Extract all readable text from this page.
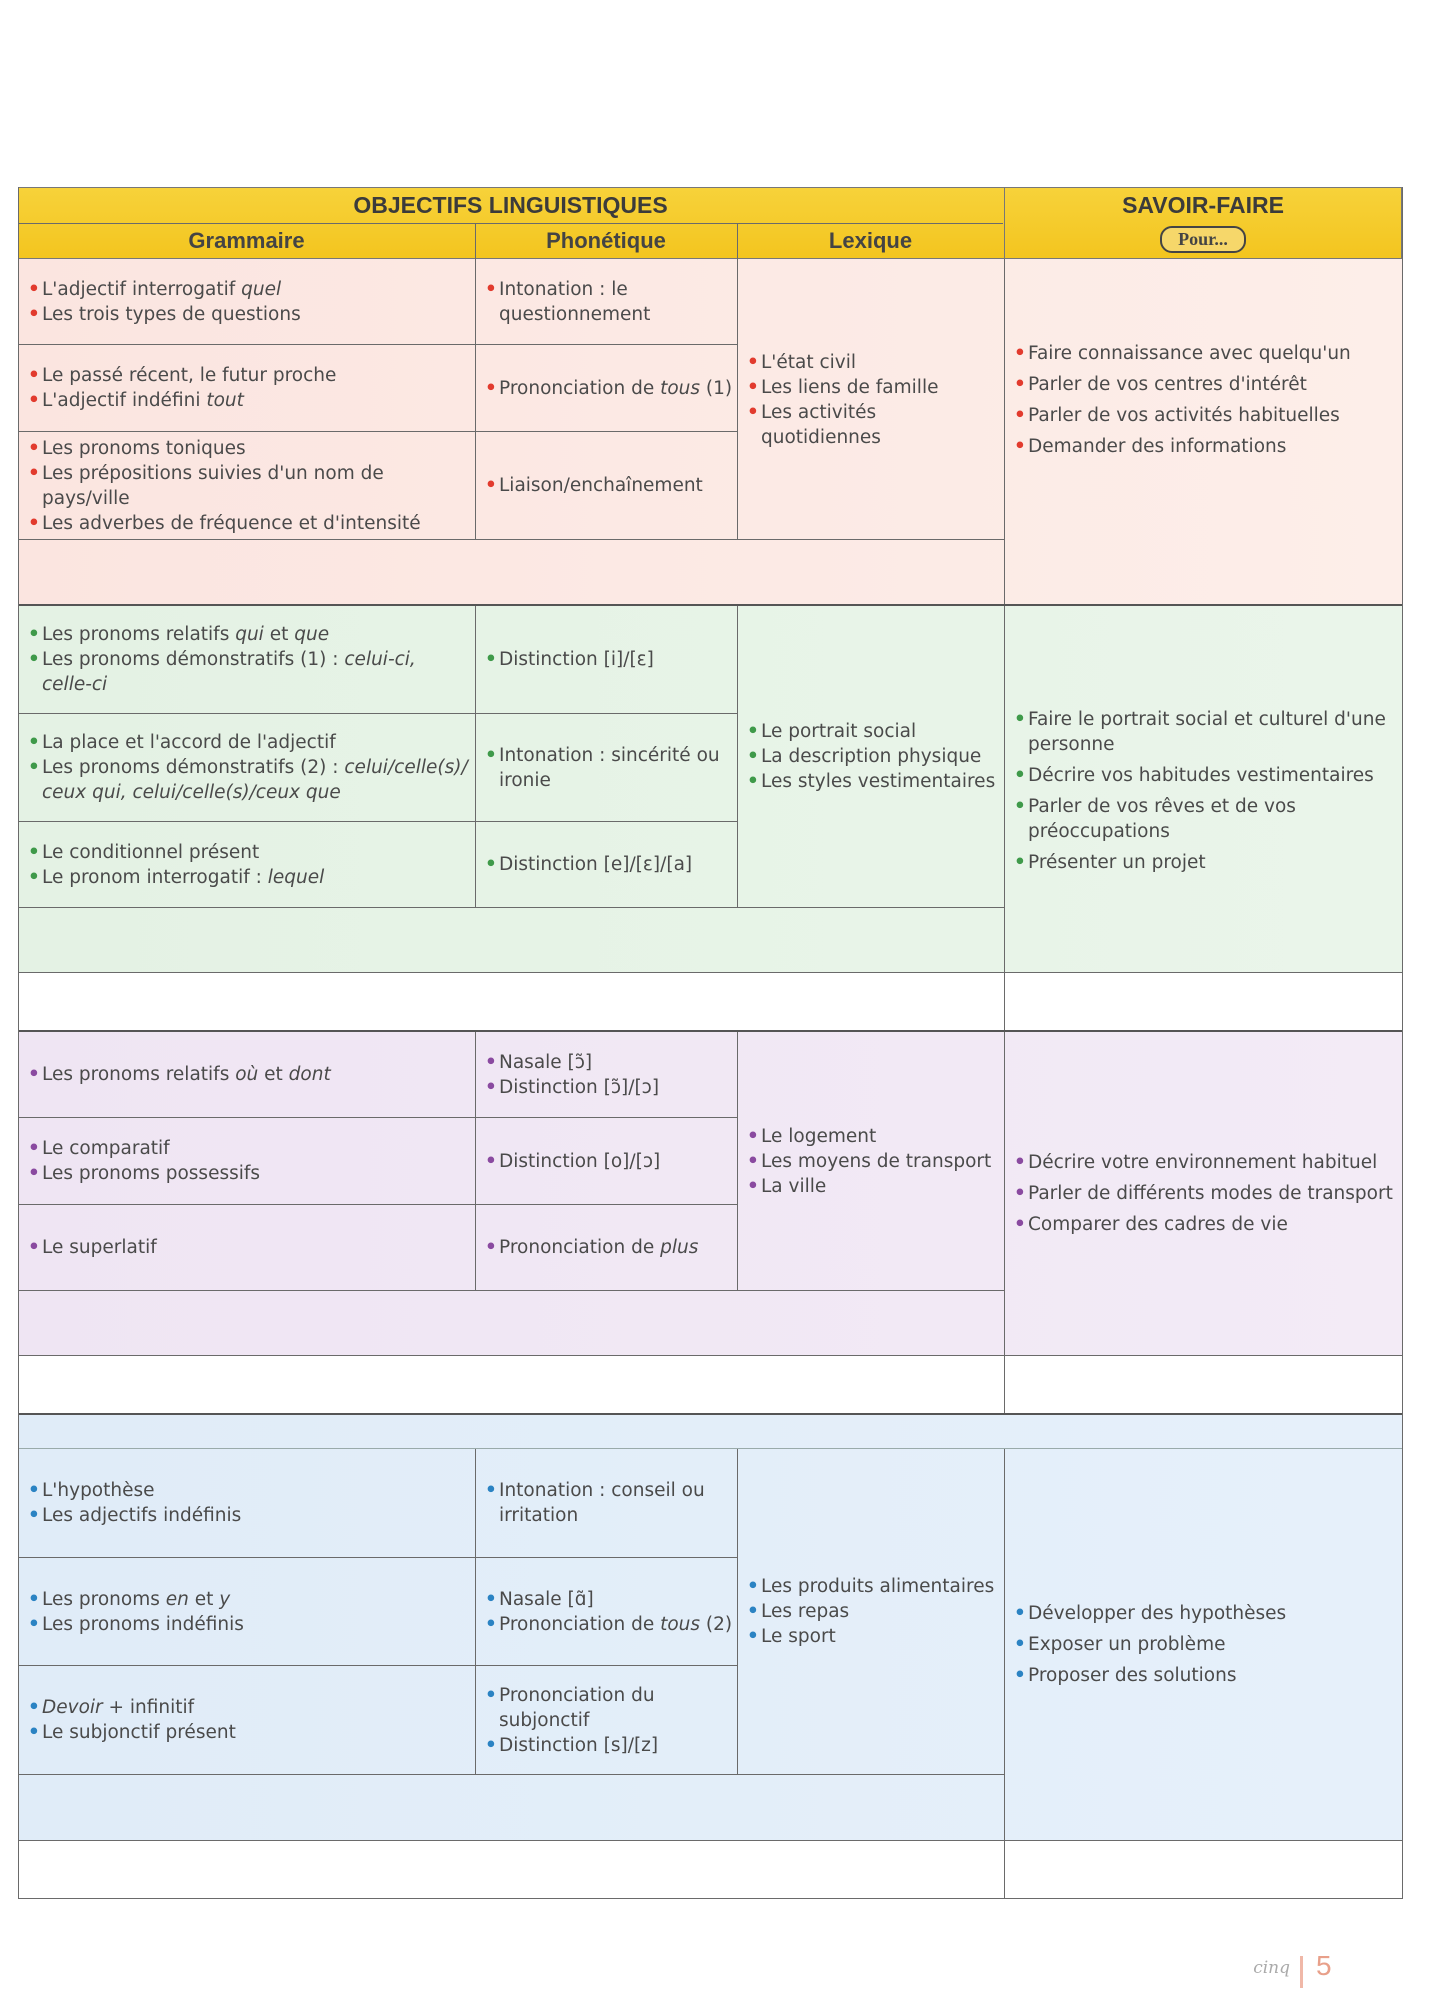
OBJECTIFS LINGUISTIQUES	SAVOIR-FAIRE
Grammaire	Phonétique	Lexique	Pour...
• L'adjectif interrogatif quel
• Les trois types de questions
• Intonation : le questionnement
• Le passé récent, le futur proche
• L'adjectif indéfini tout
• Prononciation de tous (1)
• Les pronoms toniques
• Les prépositions suivies d'un nom de pays/ville
• Les adverbes de fréquence et d'intensité
• Liaison/enchaînement
• L'état civil
• Les liens de famille
• Les activités quotidiennes
• Faire connaissance avec quelqu'un
• Parler de vos centres d'intérêt
• Parler de vos activités habituelles
• Demander des informations
• Les pronoms relatifs qui et que
• Les pronoms démonstratifs (1) : celui-ci, celle-ci
• Distinction [i]/[ε]
• La place et l'accord de l'adjectif
• Les pronoms démonstratifs (2) : celui/celle(s)/ ceux qui, celui/celle(s)/ceux que
• Intonation : sincérité ou ironie
• Le conditionnel présent
• Le pronom interrogatif : lequel
• Distinction [e]/[ε]/[a]
• Le portrait social
• La description physique
• Les styles vestimentaires
• Faire le portrait social et culturel d'une personne
• Décrire vos habitudes vestimentaires
• Parler de vos rêves et de vos préoccupations
• Présenter un projet
• Les pronoms relatifs où et dont
• Nasale [ɔ̃]
• Distinction [ɔ̃]/[ɔ]
• Le comparatif
• Les pronoms possessifs
• Distinction [o]/[ɔ]
• Le superlatif
•	Prononciation de plus
• Le logement
• Les moyens de transport
• La ville
• Décrire votre environnement habituel
• Parler de différents modes de transport
• Comparer des cadres de vie
• L'hypothèse
• Les adjectifs indéfinis
• Intonation : conseil ou irritation
• Les pronoms en et y
• Les pronoms indéfinis
• Nasale [ɑ̃]
• Prononciation de tous (2)
• Devoir + infinitif
• Le subjonctif présent
• Prononciation du subjonctif
• Distinction [s]/[z]
• Les produits alimentaires
• Les repas
• Le sport
• Développer des hypothèses
• Exposer un problème
• Proposer des solutions
cinq 5
